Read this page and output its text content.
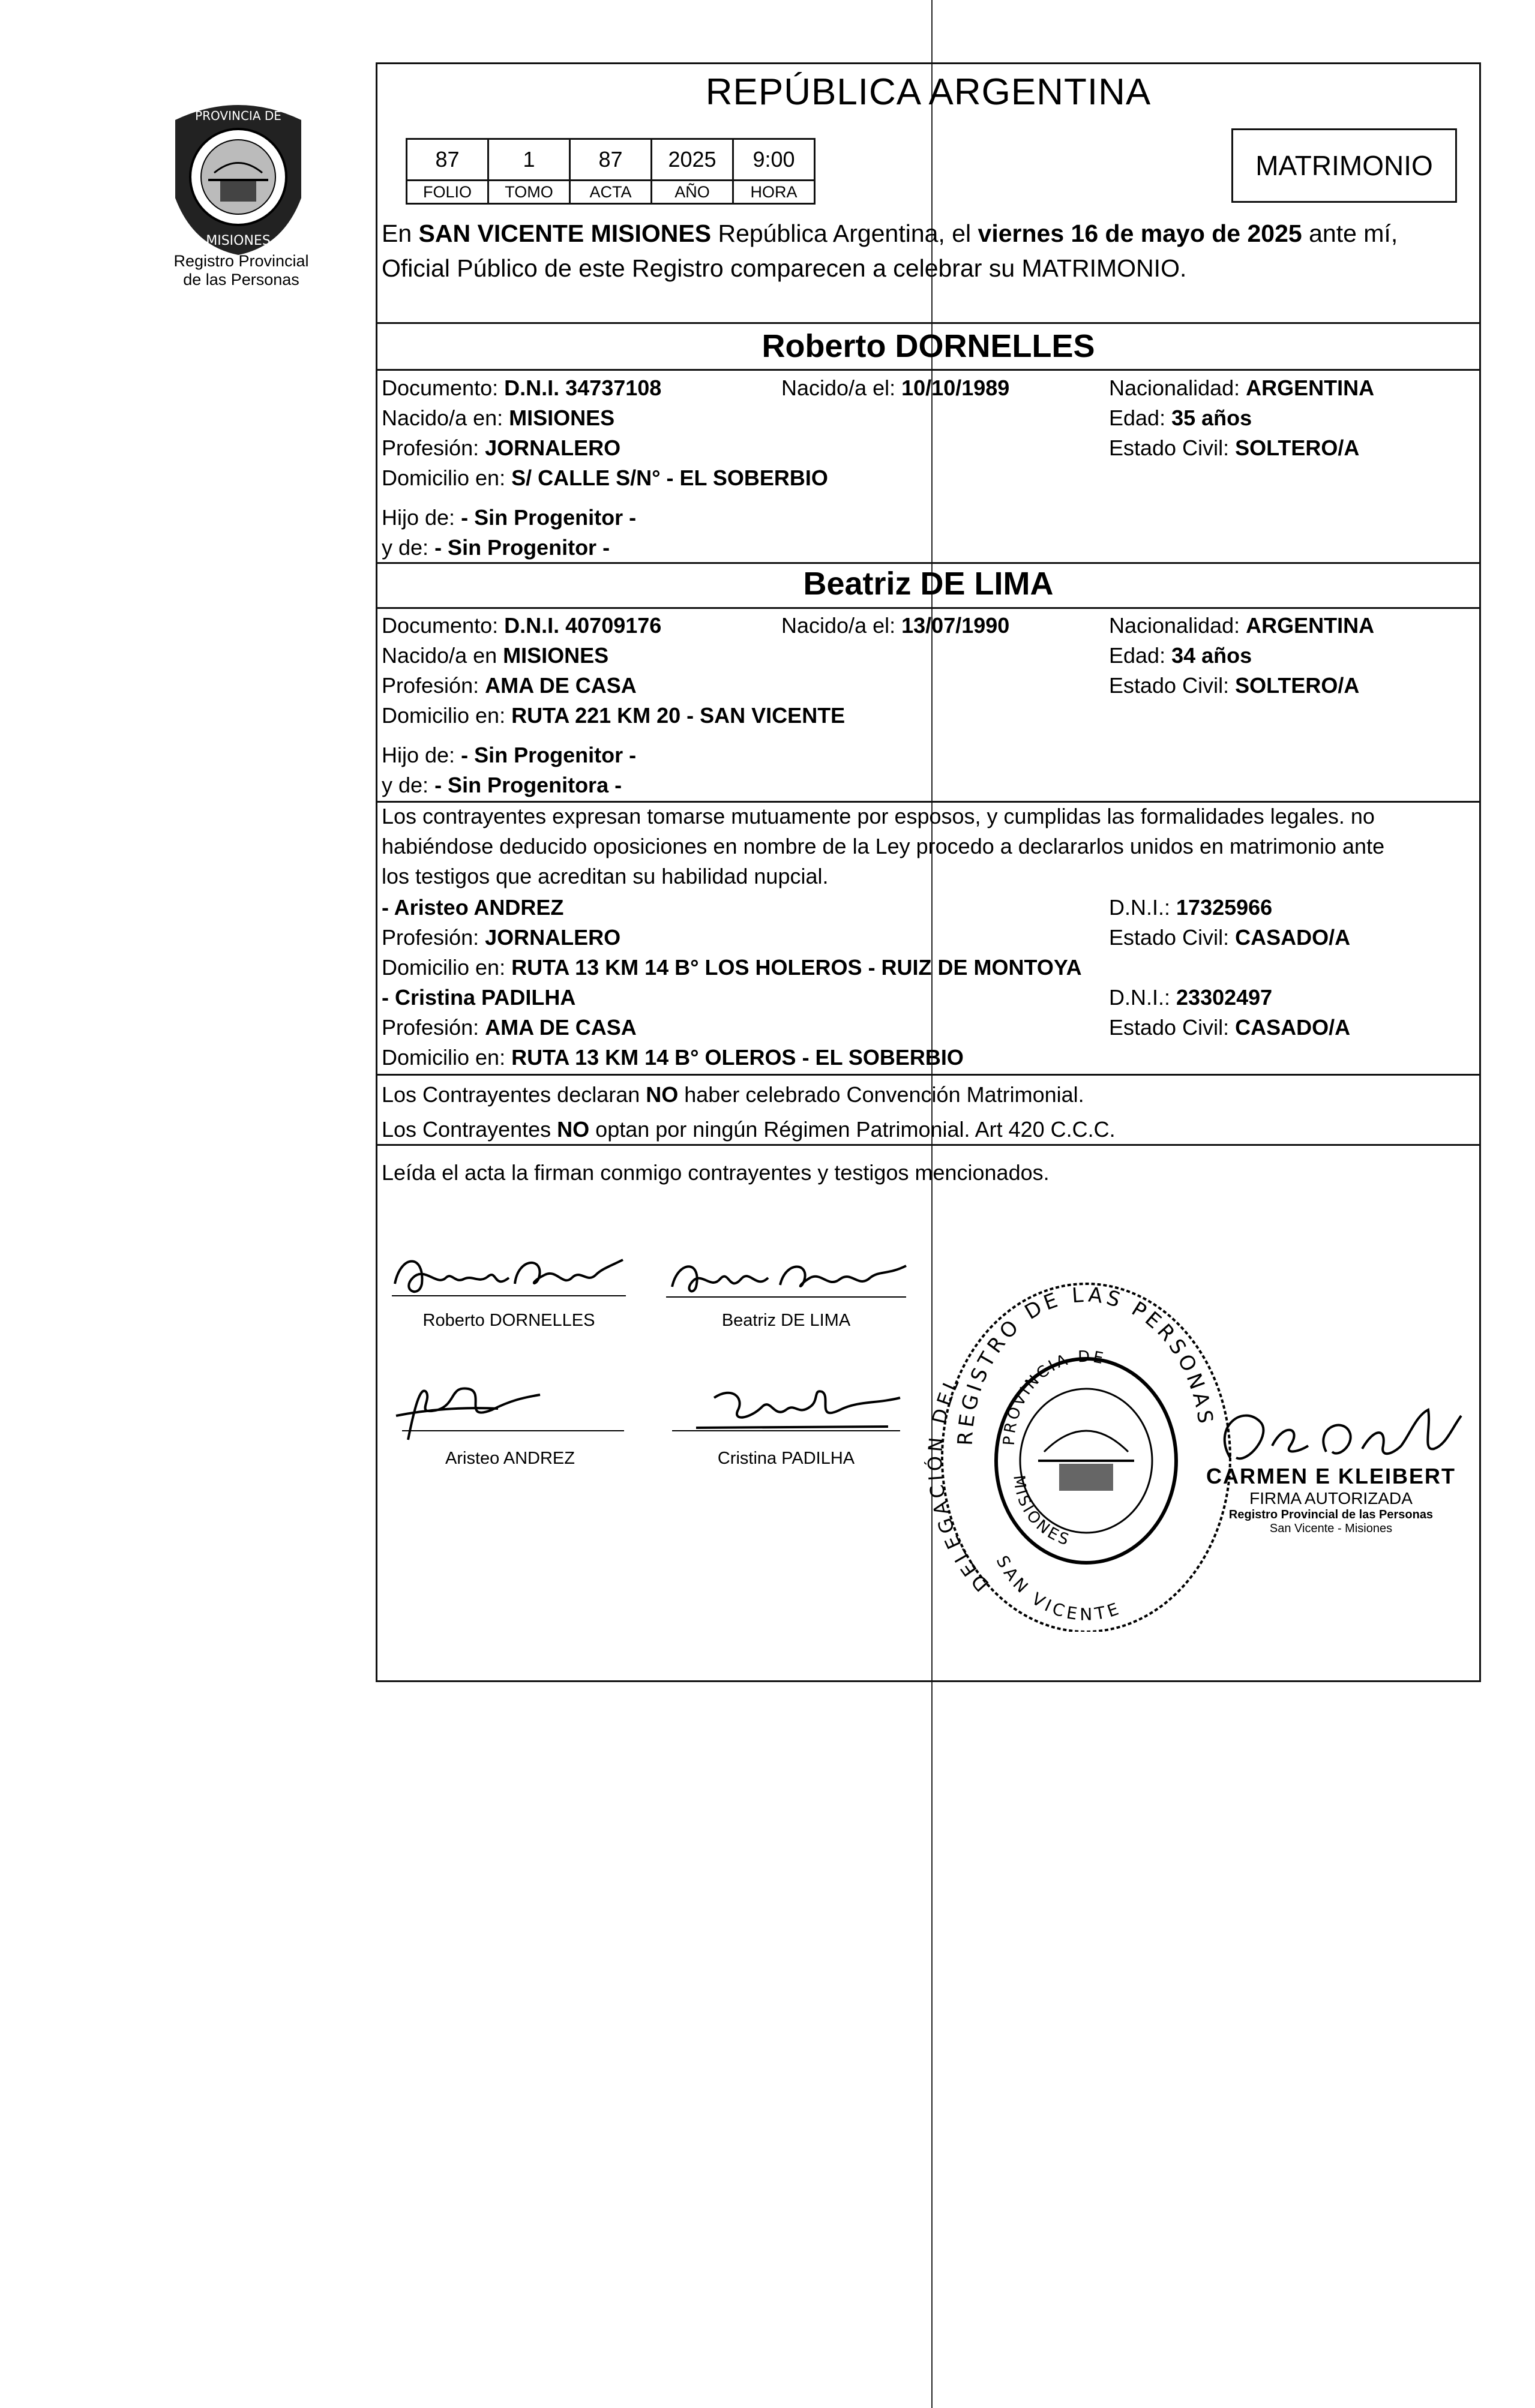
PROVINCIA DE
MISIONES
Registro Provincial
de las Personas
REPÚBLICA ARGENTINA
87	1	87	2025	9:00
FOLIO	TOMO	ACTA	AÑO	HORA
MATRIMONIO
En SAN VICENTE MISIONES República Argentina, el viernes 16 de mayo de 2025 ante mí,
Oficial Público de este Registro comparecen a celebrar su MATRIMONIO.
Roberto DORNELLES
Documento: D.N.I. 34737108	Nacido/a el: 10/10/1989	Nacionalidad: ARGENTINA
Nacido/a en: MISIONES	Edad: 35 años
Profesión: JORNALERO	Estado Civil: SOLTERO/A
Domicilio en: S/ CALLE S/N° - EL SOBERBIO
Hijo de: - Sin Progenitor -
y de: - Sin Progenitor -
Beatriz DE LIMA
Documento: D.N.I. 40709176	Nacido/a el: 13/07/1990	Nacionalidad: ARGENTINA
Nacido/a en MISIONES	Edad: 34 años
Profesión: AMA DE CASA	Estado Civil: SOLTERO/A
Domicilio en: RUTA 221 KM 20 - SAN VICENTE
Hijo de: - Sin Progenitor -
y de: - Sin Progenitora -
Los contrayentes expresan tomarse mutuamente por esposos, y cumplidas las formalidades legales. no
habiéndose deducido oposiciones en nombre de la Ley procedo a declararlos unidos en matrimonio ante
los testigos que acreditan su habilidad nupcial.
- Aristeo ANDREZ	D.N.I.: 17325966
Profesión: JORNALERO	Estado Civil: CASADO/A
Domicilio en: RUTA 13 KM 14 B° LOS HOLEROS - RUIZ DE MONTOYA
- Cristina PADILHA	D.N.I.: 23302497
Profesión: AMA DE CASA	Estado Civil: CASADO/A
Domicilio en: RUTA 13 KM 14 B° OLEROS - EL SOBERBIO
Los Contrayentes declaran NO haber celebrado Convención Matrimonial.
Los Contrayentes NO optan por ningún Régimen Patrimonial. Art 420 C.C.C.
Leída el acta la firman conmigo contrayentes y testigos mencionados.
Roberto DORNELLES	Beatriz DE LIMA
Aristeo ANDREZ	Cristina PADILHA
REGISTRO DE LAS PERSONAS
DELEGACIÓN DEL
SAN VICENTE
PROVINCIA DE
MISIONES
CARMEN E KLEIBERT
FIRMA AUTORIZADA
Registro Provincial de las Personas
San Vicente - Misiones
